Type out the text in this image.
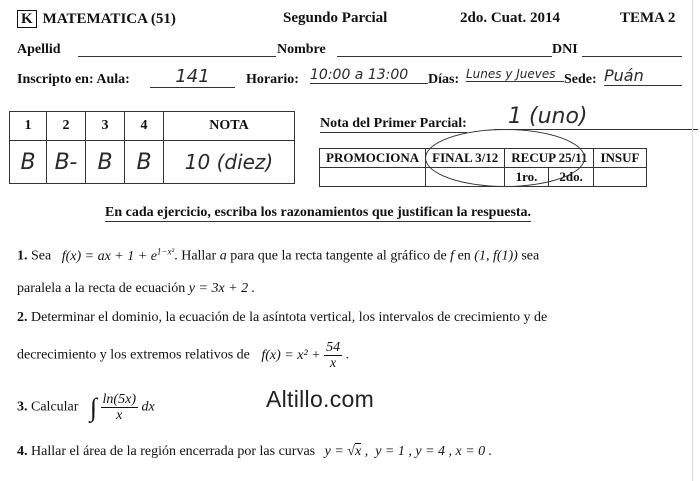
K MATEMATICA (51)	Segundo Parcial	2do. Cuat. 2014	TEMA 2
Apellid	Nombre	DNI
Inscripto en: Aula:	141	Horario: 10:00 a 13:00	Días: Lunes y Jueves Sede: Puán
1	2	3	4	NOTA
B	B-	B	B	10 (diez)
Nota del Primer Parcial:	1 (uno)
PROMOCIONA	FINAL 3/12	RECUP 25/11		INSUF
		1ro.	2do.	
En cada ejercicio, escriba los razonamientos que justifican la respuesta.
1. Sea   f(x) = ax + $1 + e^{1-x^2}$. Hallar a para que la recta tangente al gráfico de f en (1, f(1)) sea
paralela a la recta de ecuación y = 3x + 2 .
2. Determinar el dominio, la ecuación de la asíntota vertical, los intervalos de crecimiento y de
decrecimiento y los extremos relativos de $f(x) = x^2 + \frac{54}{x}$ .
3. Calcular ∫ $\frac{\ln(5x)}{x}$ dx	Altillo.com
4. Hallar el área de la región encerrada por las curvas y = √x ,  y = 1 , y = 4 , x = 0 .
